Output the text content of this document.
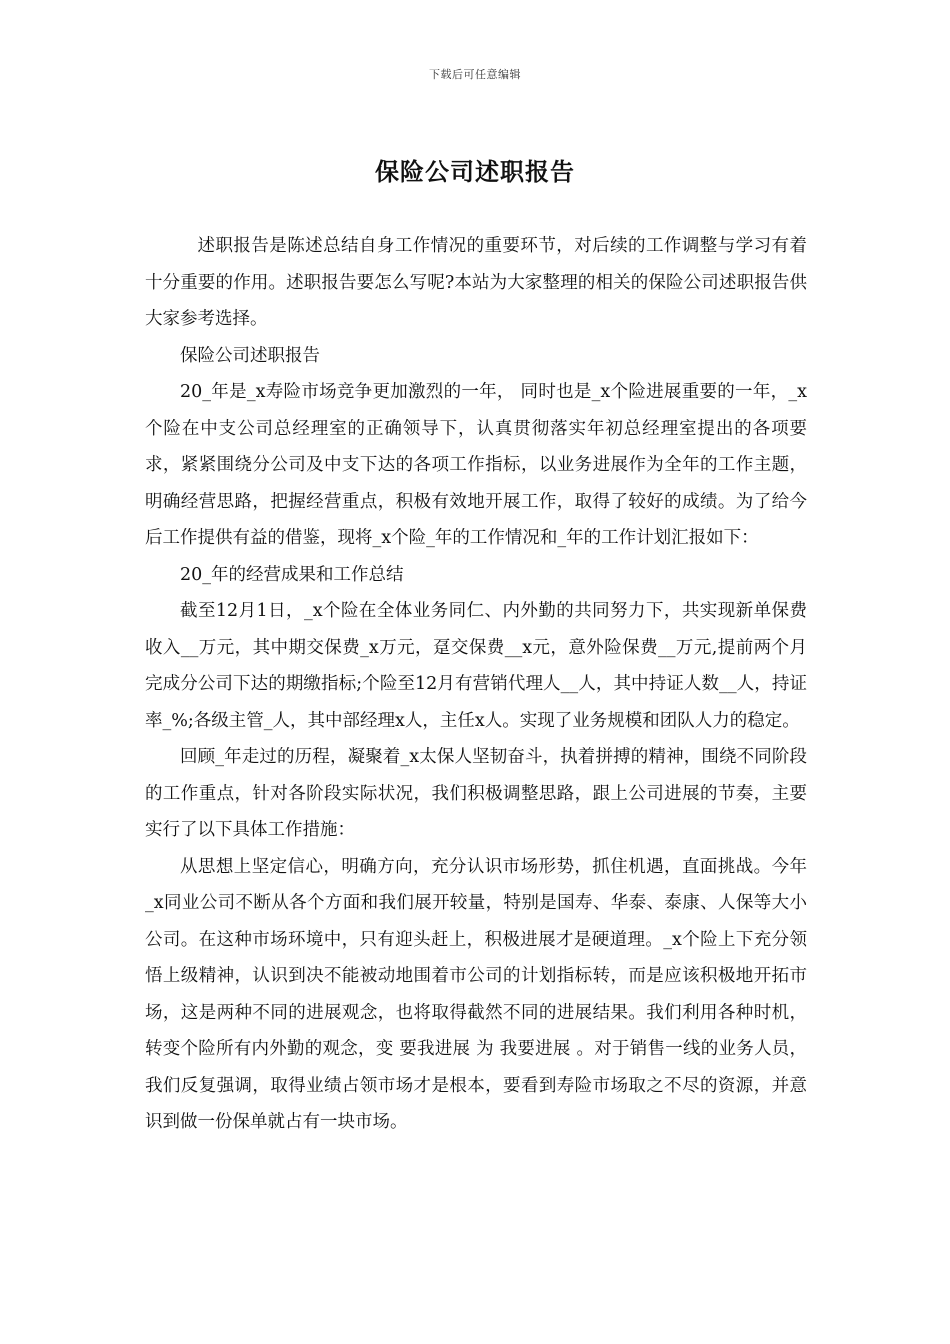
下载后可任意编辑
保险公司述职报告

述职报告是陈述总结自身工作情况的重要环节，对后续的工作调整与学习有着十分重要的作用。述职报告要怎么写呢?本站为大家整理的相关的保险公司述职报告供大家参考选择。

保险公司述职报告

20_年是_x寿险市场竞争更加激烈的一年， 同时也是_x个险进展重要的一年，_x个险在中支公司总经理室的正确领导下，认真贯彻落实年初总经理室提出的各项要求，紧紧围绕分公司及中支下达的各项工作指标，以业务进展作为全年的工作主题，明确经营思路，把握经营重点，积极有效地开展工作，取得了较好的成绩。为了给今后工作提供有益的借鉴，现将_x个险_年的工作情况和_年的工作计划汇报如下：

20_年的经营成果和工作总结

截至12月1日，_x个险在全体业务同仁、内外勤的共同努力下，共实现新单保费收入__万元，其中期交保费_x万元，趸交保费__x元，意外险保费__万元,提前两个月完成分公司下达的期缴指标;个险至12月有营销代理人__人，其中持证人数__人，持证率_%;各级主管_人，其中部经理x人，主任x人。实现了业务规模和团队人力的稳定。

回顾_年走过的历程，凝聚着_x太保人坚韧奋斗，执着拼搏的精神，围绕不同阶段的工作重点，针对各阶段实际状况，我们积极调整思路，跟上公司进展的节奏，主要实行了以下具体工作措施：

从思想上坚定信心，明确方向，充分认识市场形势，抓住机遇，直面挑战。今年_x同业公司不断从各个方面和我们展开较量，特别是国寿、华泰、泰康、人保等大小公司。在这种市场环境中，只有迎头赶上，积极进展才是硬道理。_x个险上下充分领悟上级精神，认识到决不能被动地围着市公司的计划指标转，而是应该积极地开拓市场，这是两种不同的进展观念，也将取得截然不同的进展结果。我们利用各种时机，转变个险所有内外勤的观念，变 要我进展 为 我要进展 。对于销售一线的业务人员，我们反复强调，取得业绩占领市场才是根本，要看到寿险市场取之不尽的资源，并意识到做一份保单就占有一块市场。
